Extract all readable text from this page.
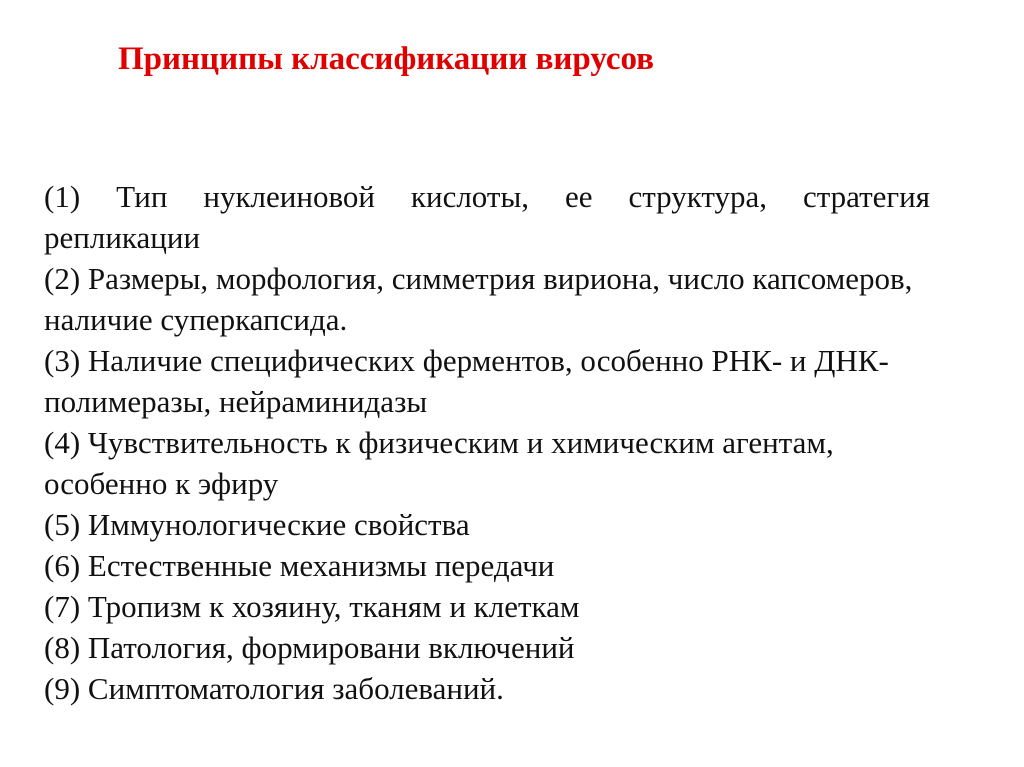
Принципы классификации вирусов
(1) Тип нуклеиновой кислоты, ее структура, стратегия репликации
(2) Размеры, морфология, симметрия вириона, число капсомеров, наличие суперкапсида.
(3) Наличие специфических ферментов, особенно РНК- и ДНК-полимеразы, нейраминидазы
(4) Чувствительность к физическим и химическим агентам, особенно к эфиру
(5) Иммунологические свойства
(6) Естественные механизмы передачи
(7) Тропизм к хозяину, тканям и клеткам
(8) Патология, формировани включений
(9) Симптоматология заболеваний.
